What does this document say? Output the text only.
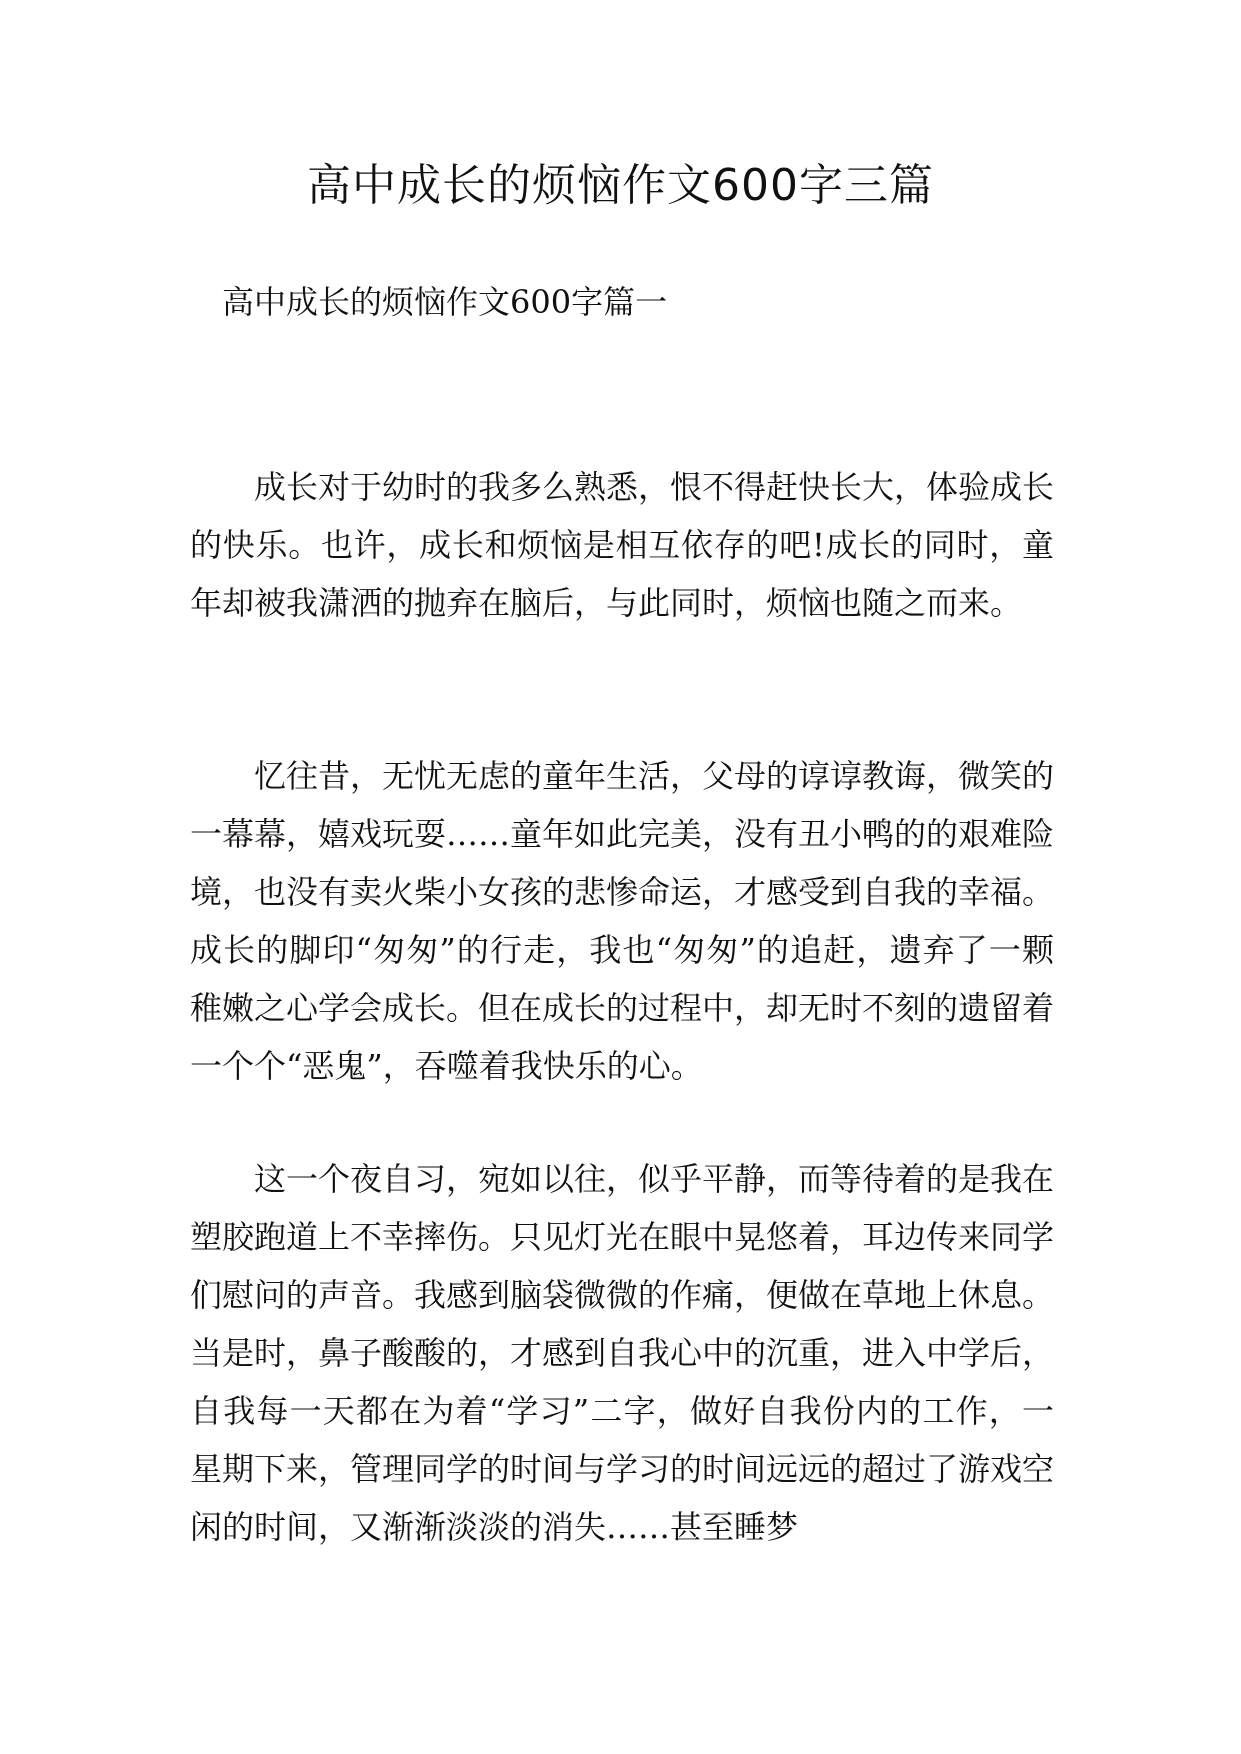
高中成长的烦恼作文600字三篇
高中成长的烦恼作文600字篇一

成长对于幼时的我多么熟悉，恨不得赶快长大，体验成长的快乐。也许，成长和烦恼是相互依存的吧!成长的同时，童年却被我潇洒的抛弃在脑后，与此同时，烦恼也随之而来。

忆往昔，无忧无虑的童年生活，父母的谆谆教诲，微笑的一幕幕，嬉戏玩耍……童年如此完美，没有丑小鸭的的艰难险境，也没有卖火柴小女孩的悲惨命运，才感受到自我的幸福。成长的脚印“匆匆”的行走，我也“匆匆”的追赶，遗弃了一颗稚嫩之心学会成长。但在成长的过程中，却无时不刻的遗留着一个个“恶鬼”，吞噬着我快乐的心。

这一个夜自习，宛如以往，似乎平静，而等待着的是我在塑胶跑道上不幸摔伤。只见灯光在眼中晃悠着，耳边传来同学们慰问的声音。我感到脑袋微微的作痛，便做在草地上休息。当是时，鼻子酸酸的，才感到自我心中的沉重，进入中学后，自我每一天都在为着“学习”二字，做好自我份内的工作，一星期下来，管理同学的时间与学习的时间远远的超过了游戏空闲的时间，又渐渐淡淡的消失……甚至睡梦
